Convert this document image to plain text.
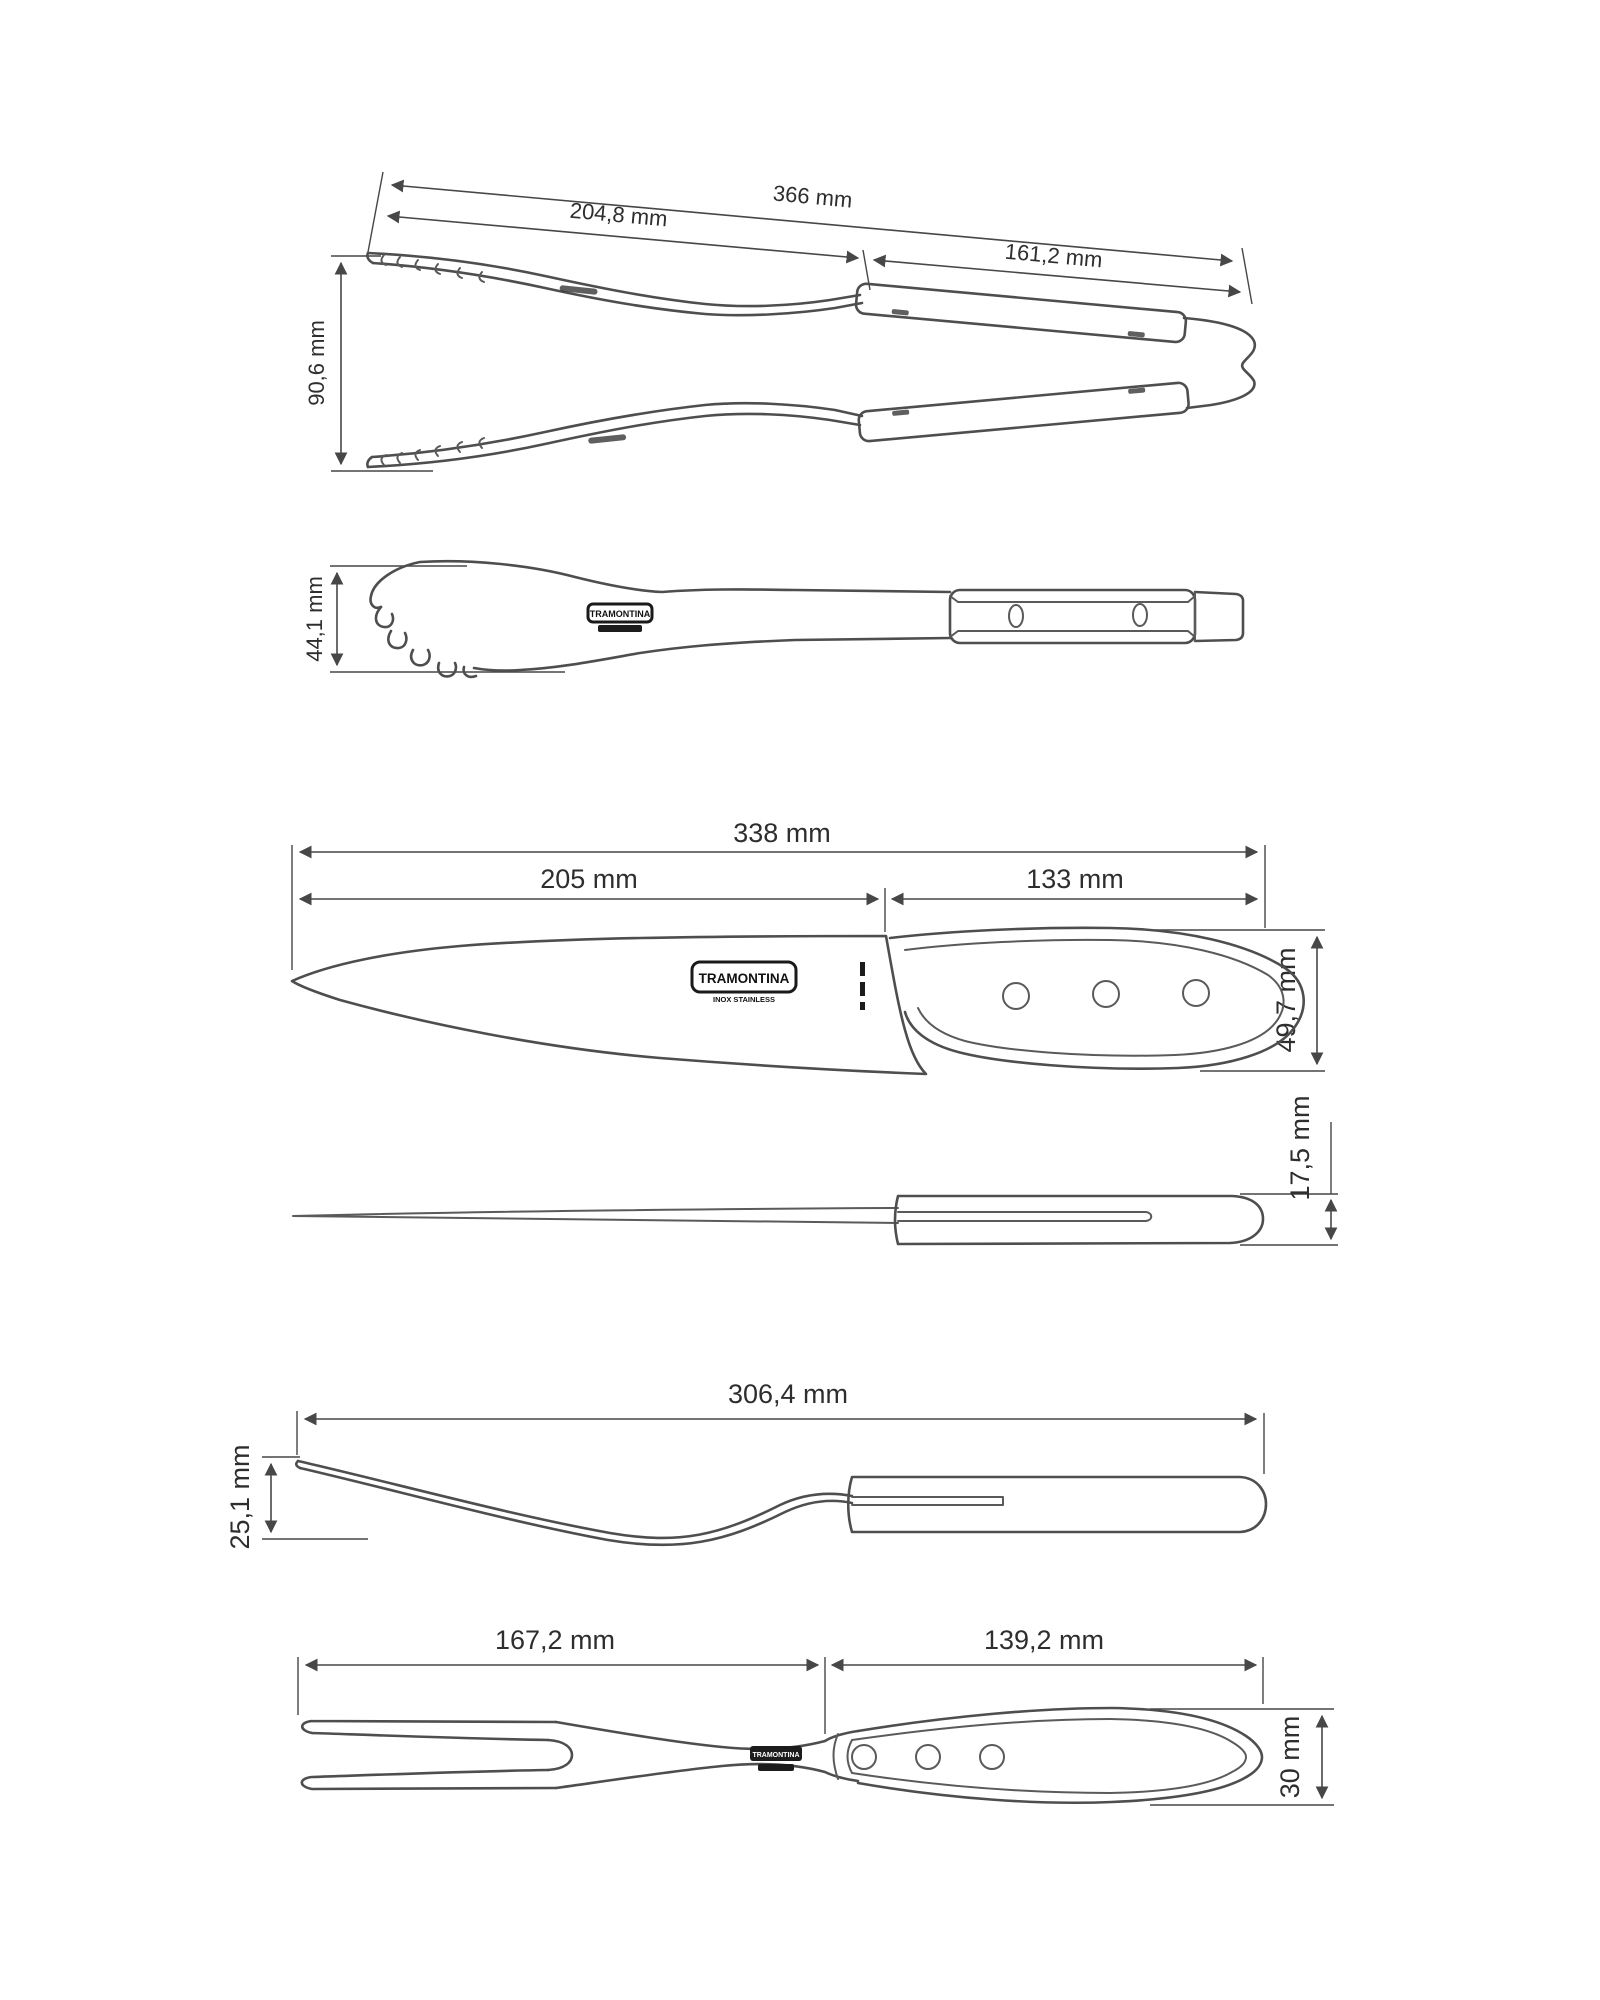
366 mm
204,8 mm
161,2 mm
90,6 mm
44,1 mm	TRAMONTINA
338 mm
205 mm	133 mm
49,7 mm
TRAMONTINA
INOX STAINLESS
17,5 mm
306,4 mm
25,1 mm
167,2 mm	139,2 mm
30 mm
TRAMONTINA
